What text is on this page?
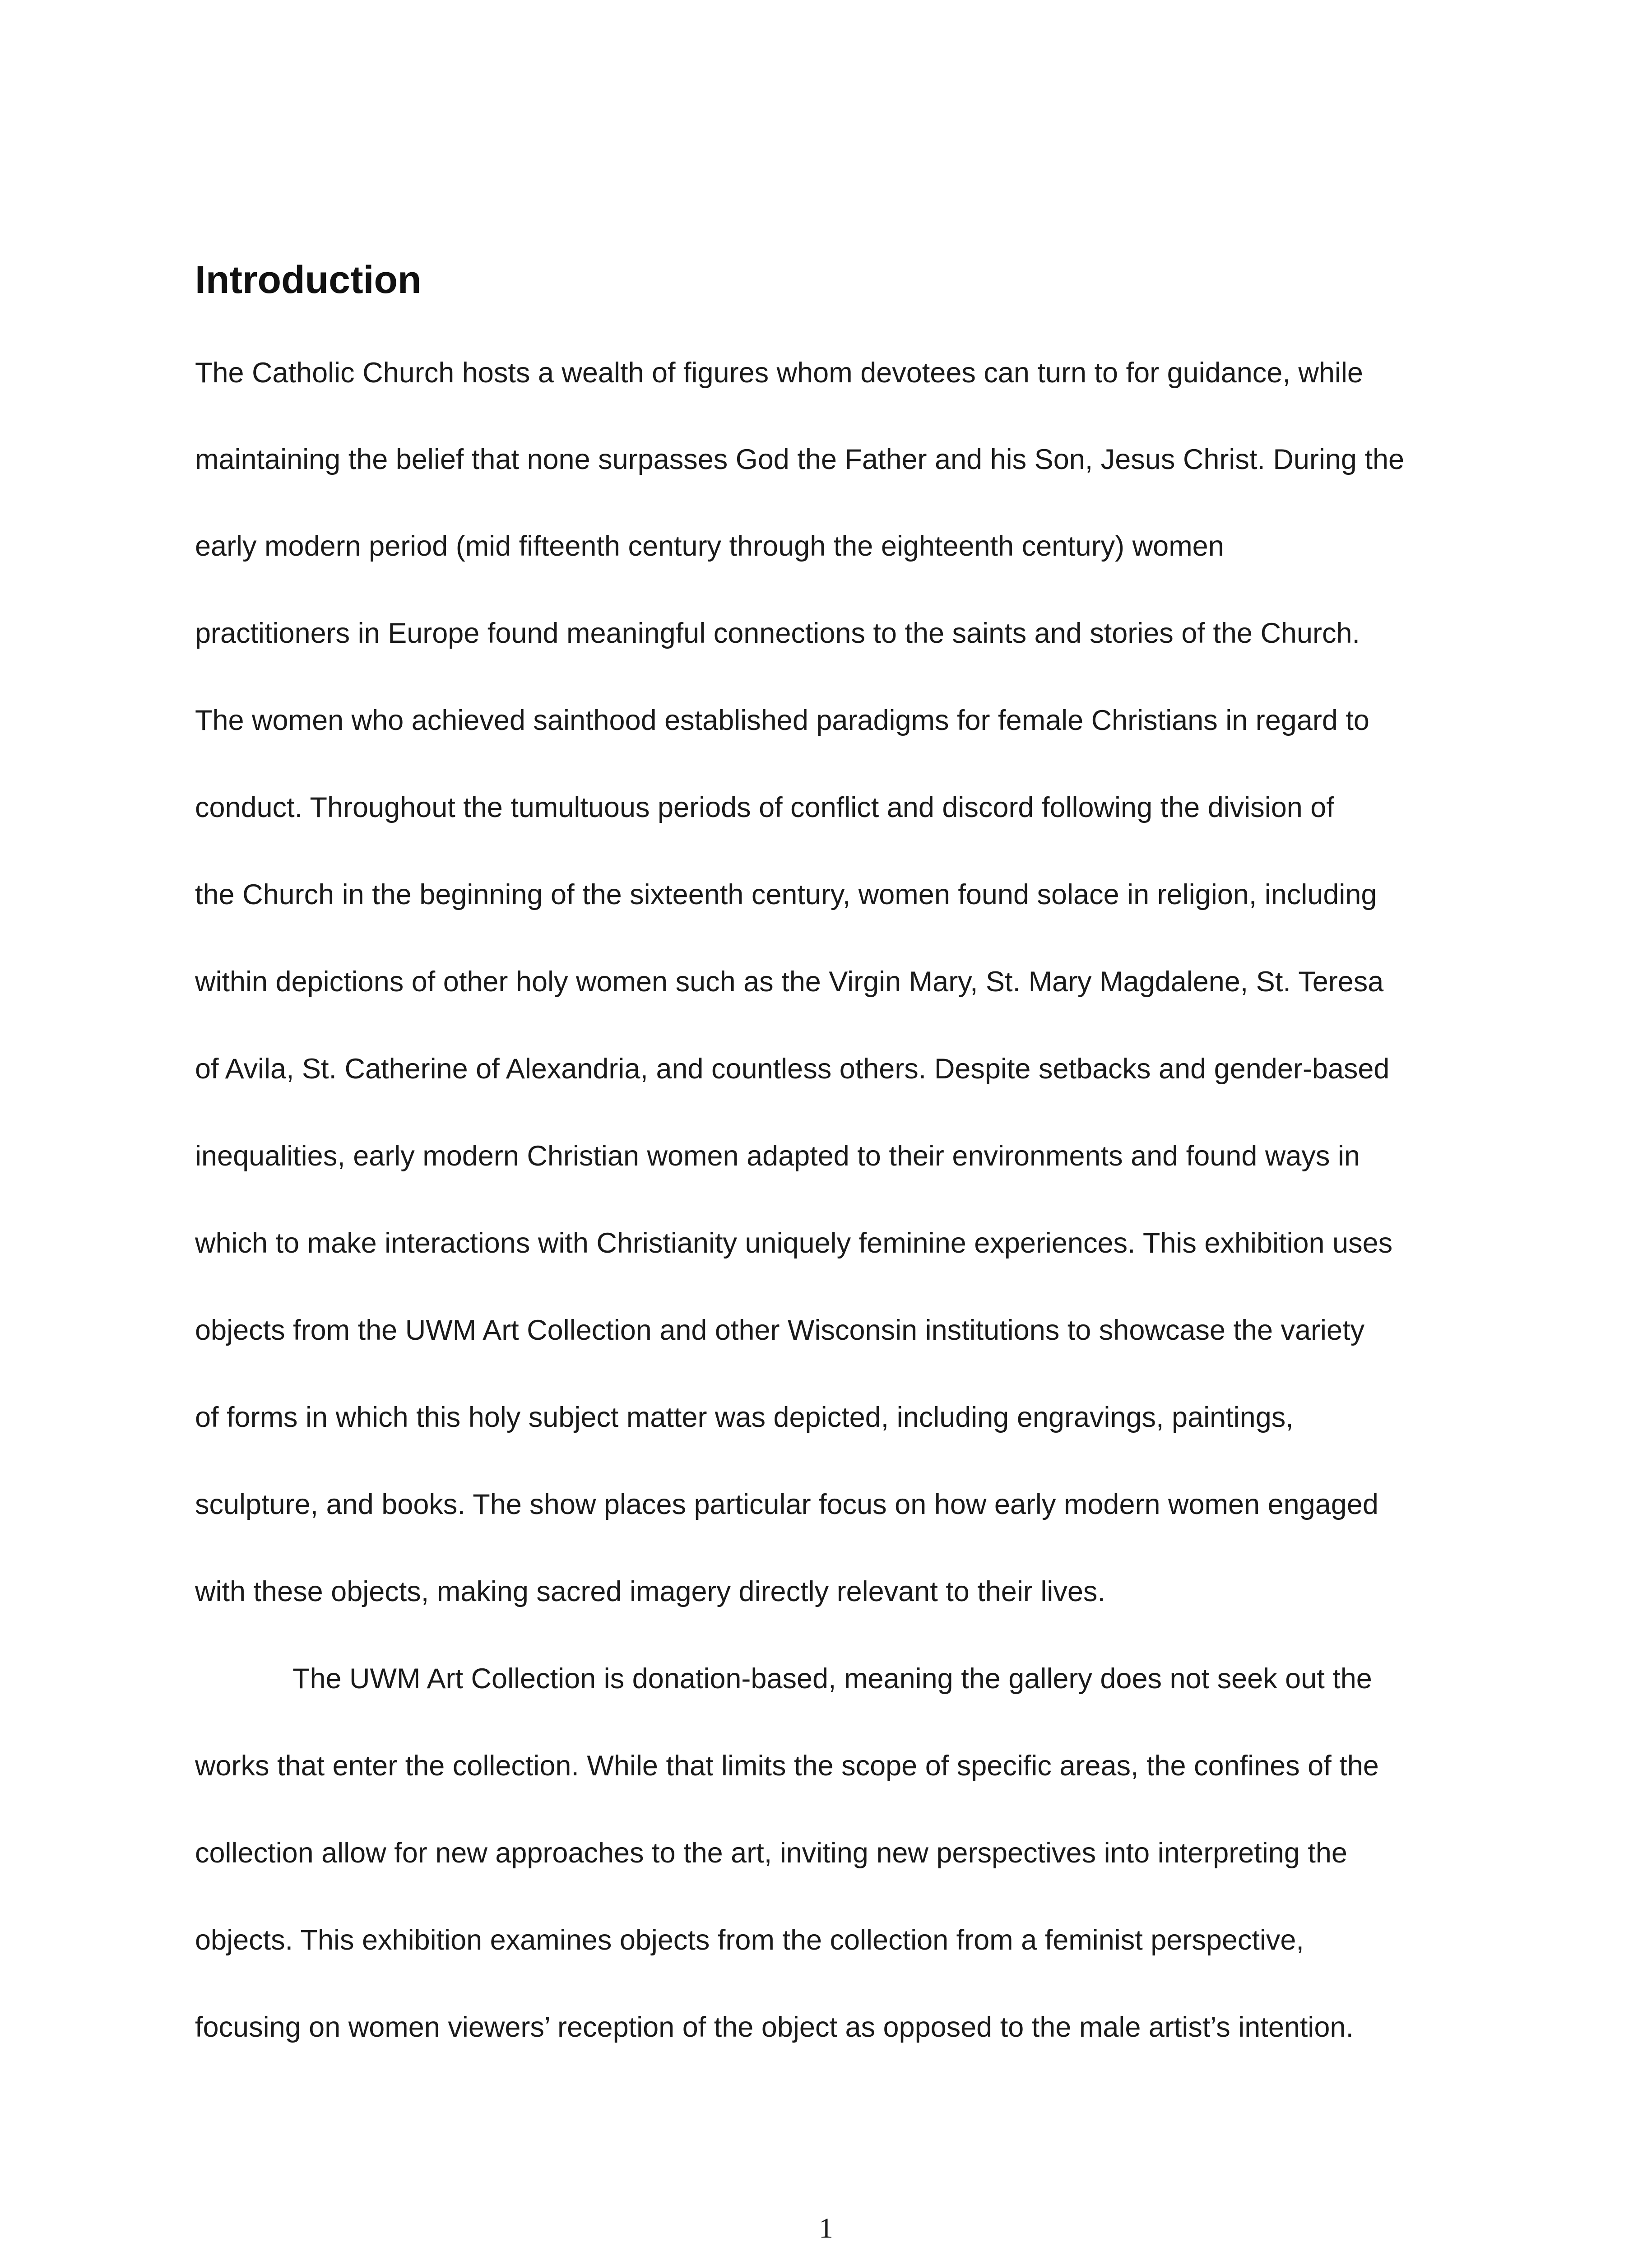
Introduction

The Catholic Church hosts a wealth of figures whom devotees can turn to for guidance, while

maintaining the belief that none surpasses God the Father and his Son, Jesus Christ. During the

early modern period (mid fifteenth century through the eighteenth century) women

practitioners in Europe found meaningful connections to the saints and stories of the Church.

The women who achieved sainthood established paradigms for female Christians in regard to

conduct. Throughout the tumultuous periods of conflict and discord following the division of

the Church in the beginning of the sixteenth century, women found solace in religion, including

within depictions of other holy women such as the Virgin Mary, St. Mary Magdalene, St. Teresa

of Avila, St. Catherine of Alexandria, and countless others. Despite setbacks and gender-based

inequalities, early modern Christian women adapted to their environments and found ways in

which to make interactions with Christianity uniquely feminine experiences. This exhibition uses

objects from the UWM Art Collection and other Wisconsin institutions to showcase the variety

of forms in which this holy subject matter was depicted, including engravings, paintings,

sculpture, and books. The show places particular focus on how early modern women engaged

with these objects, making sacred imagery directly relevant to their lives.

The UWM Art Collection is donation-based, meaning the gallery does not seek out the

works that enter the collection. While that limits the scope of specific areas, the confines of the

collection allow for new approaches to the art, inviting new perspectives into interpreting the

objects. This exhibition examines objects from the collection from a feminist perspective,

focusing on women viewers’ reception of the object as opposed to the male artist’s intention.

1
